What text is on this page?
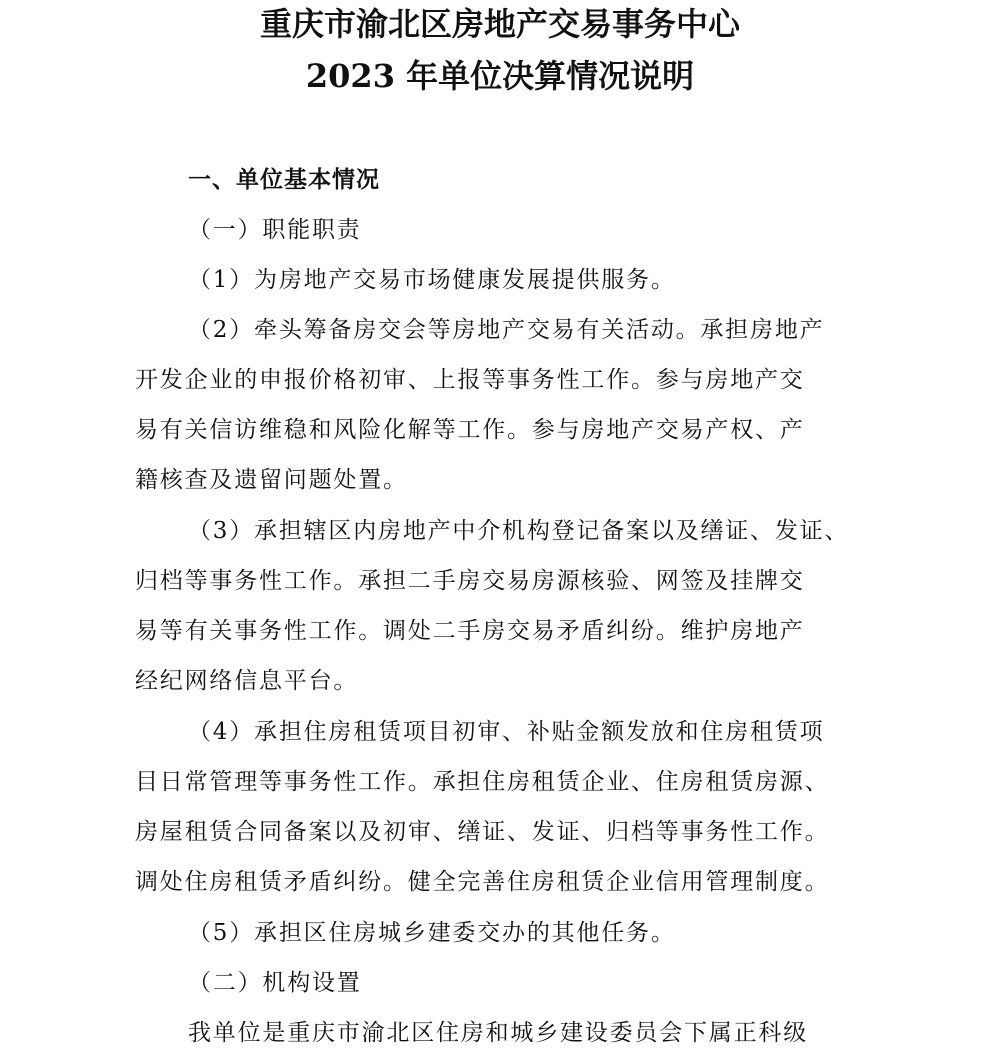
重庆市渝北区房地产交易事务中心
2023 年单位决算情况说明
一、单位基本情况
（一）职能职责
（1）为房地产交易市场健康发展提供服务。
（2）牵头筹备房交会等房地产交易有关活动。承担房地产
开发企业的申报价格初审、上报等事务性工作。参与房地产交
易有关信访维稳和风险化解等工作。参与房地产交易产权、产
籍核查及遗留问题处置。
（3）承担辖区内房地产中介机构登记备案以及缮证、发证、
归档等事务性工作。承担二手房交易房源核验、网签及挂牌交
易等有关事务性工作。调处二手房交易矛盾纠纷。维护房地产
经纪网络信息平台。
（4）承担住房租赁项目初审、补贴金额发放和住房租赁项
目日常管理等事务性工作。承担住房租赁企业、住房租赁房源、
房屋租赁合同备案以及初审、缮证、发证、归档等事务性工作。
调处住房租赁矛盾纠纷。健全完善住房租赁企业信用管理制度。
（5）承担区住房城乡建委交办的其他任务。
（二）机构设置
我单位是重庆市渝北区住房和城乡建设委员会下属正科级
